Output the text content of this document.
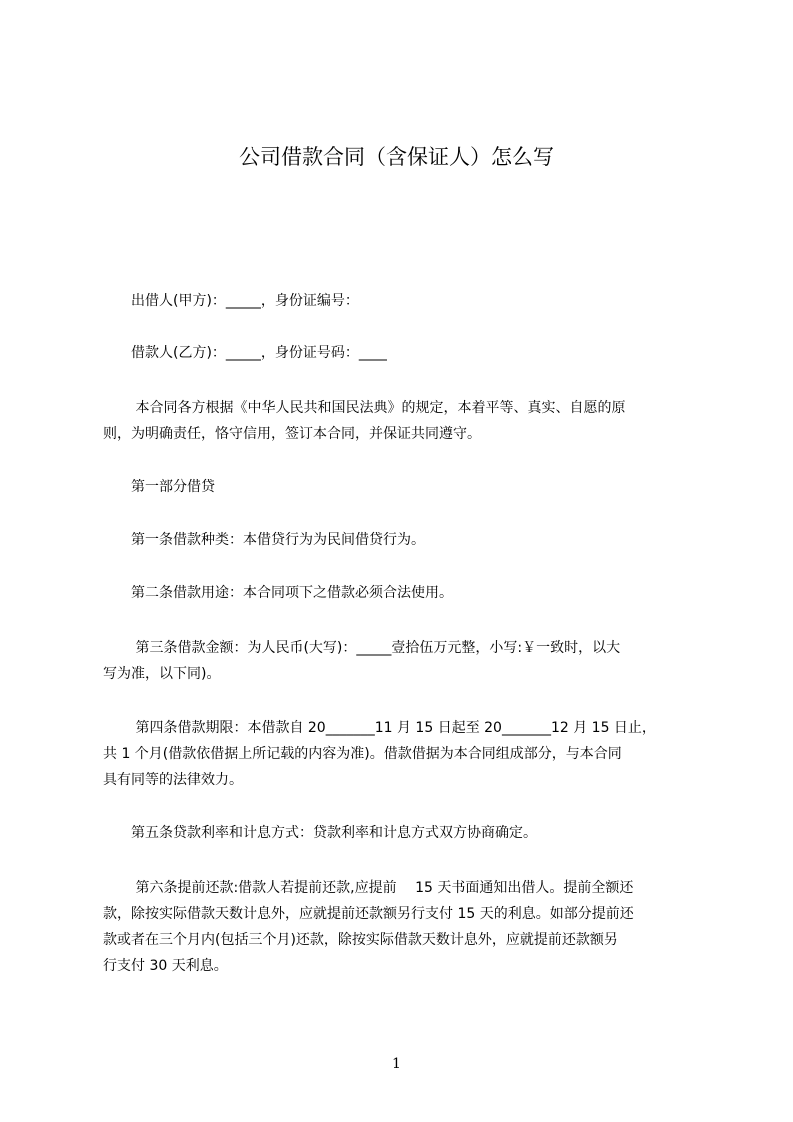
公司借款合同（含保证人）怎么写
　　出借人(甲方)：_____，身份证编号：
　　借款人(乙方)：_____，身份证号码：____
　　 本合同各方根据《中华人民共和国民法典》的规定，本着平等、真实、自愿的原
则，为明确责任，恪守信用，签订本合同，并保证共同遵守。
　　第一部分借贷
　　第一条借款种类：本借贷行为为民间借贷行为。
　　第二条借款用途：本合同项下之借款必须合法使用。
　　 第三条借款金额：为人民币(大写)：_____壹拾伍万元整，小写:￥一致时，以大
写为准，以下同)。
　　 第四条借款期限：本借款自 20_______11 月 15 日起至 20_______12 月 15 日止，
共 1 个月(借款依借据上所记载的内容为准)。借款借据为本合同组成部分，与本合同
具有同等的法律效力。
　　第五条贷款利率和计息方式：贷款利率和计息方式双方协商确定。
　　 第六条提前还款:借款人若提前还款,应提前　 15 天书面通知出借人。提前全额还
款，除按实际借款天数计息外，应就提前还款额另行支付 15 天的利息。如部分提前还
款或者在三个月内(包括三个月)还款，除按实际借款天数计息外，应就提前还款额另
行支付 30 天利息。
1
